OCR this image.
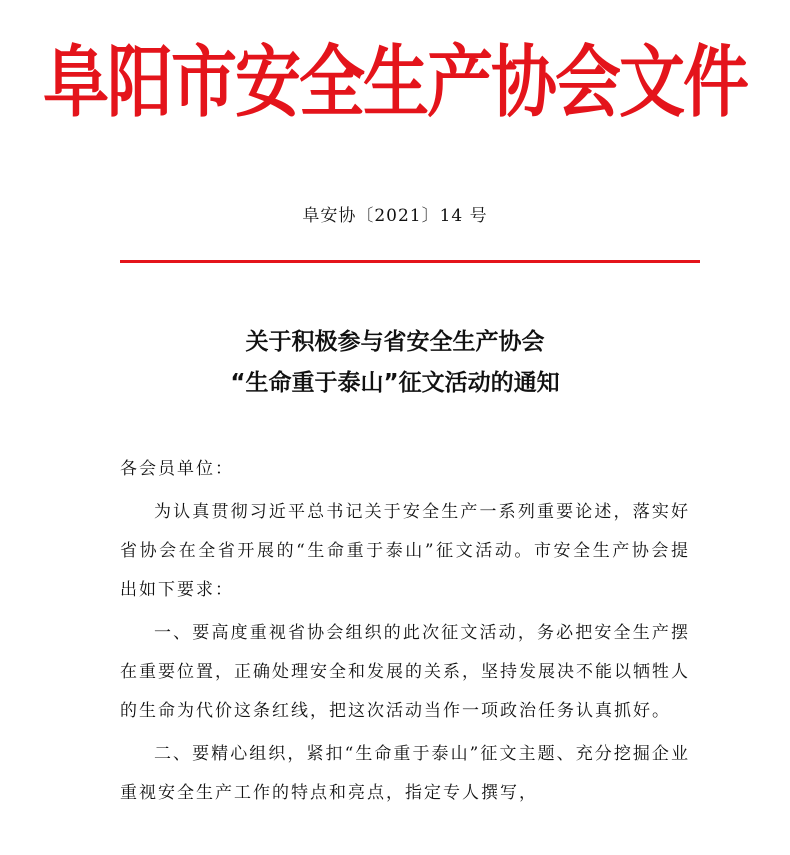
阜阳市安全生产协会文件
阜安协〔2021〕14 号
关于积极参与省安全生产协会
“生命重于泰山”征文活动的通知

各会员单位：

为认真贯彻习近平总书记关于安全生产一系列重要论述，落实好省协会在全省开展的“生命重于泰山”征文活动。市安全生产协会提出如下要求：

一、要高度重视省协会组织的此次征文活动，务必把安全生产摆在重要位置，正确处理安全和发展的关系，坚持发展决不能以牺牲人的生命为代价这条红线，把这次活动当作一项政治任务认真抓好。

二、要精心组织，紧扣“生命重于泰山”征文主题、充分挖掘企业重视安全生产工作的特点和亮点，指定专人撰写，
